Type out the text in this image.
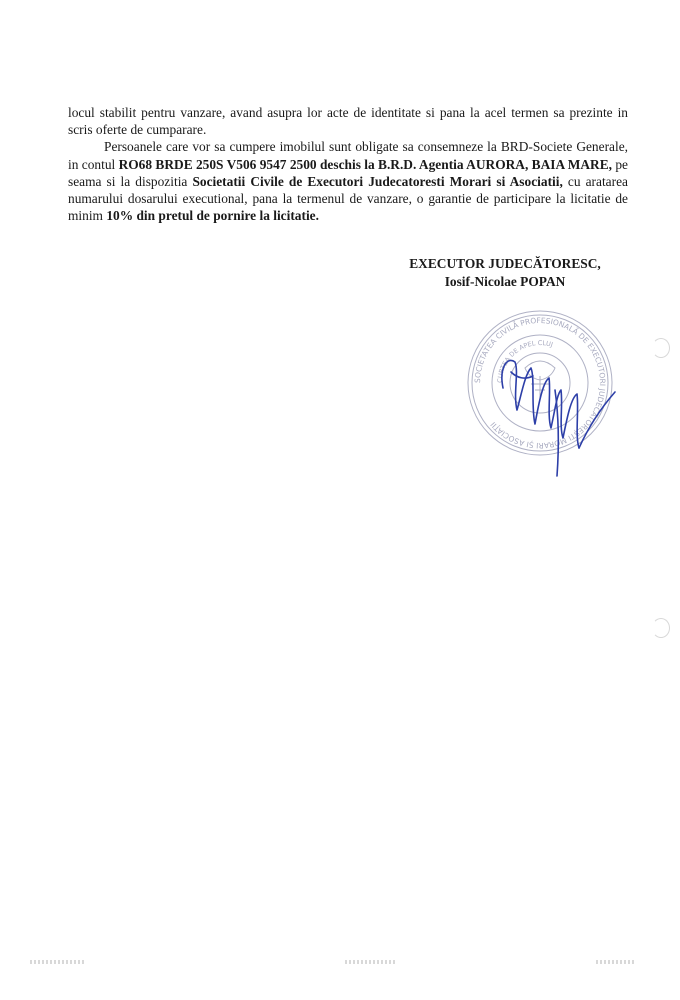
locul stabilit pentru vanzare, avand asupra lor acte de identitate si pana la acel termen sa prezinte in scris oferte de cumparare.

Persoanele care vor sa cumpere imobilul sunt obligate sa consemneze la BRD-Societe Generale, in contul RO68 BRDE 250S V506 9547 2500 deschis la B.R.D. Agentia AURORA, BAIA MARE, pe seama si la dispozitia Societatii Civile de Executori Judecatoresti Morari si Asociatii, cu aratarea numarului dosarului executional, pana la termenul de vanzare, o garantie de participare la licitatie de minim 10% din pretul de pornire la licitatie.

EXECUTOR JUDECĂTORESC,
Iosif-Nicolae POPAN
SOCIETATEA CIVILĂ PROFESIONALĂ DE EXECUTORI JUDECĂTOREȘTI MORARI ȘI ASOCIAȚII
CURTEA DE APEL CLUJ
